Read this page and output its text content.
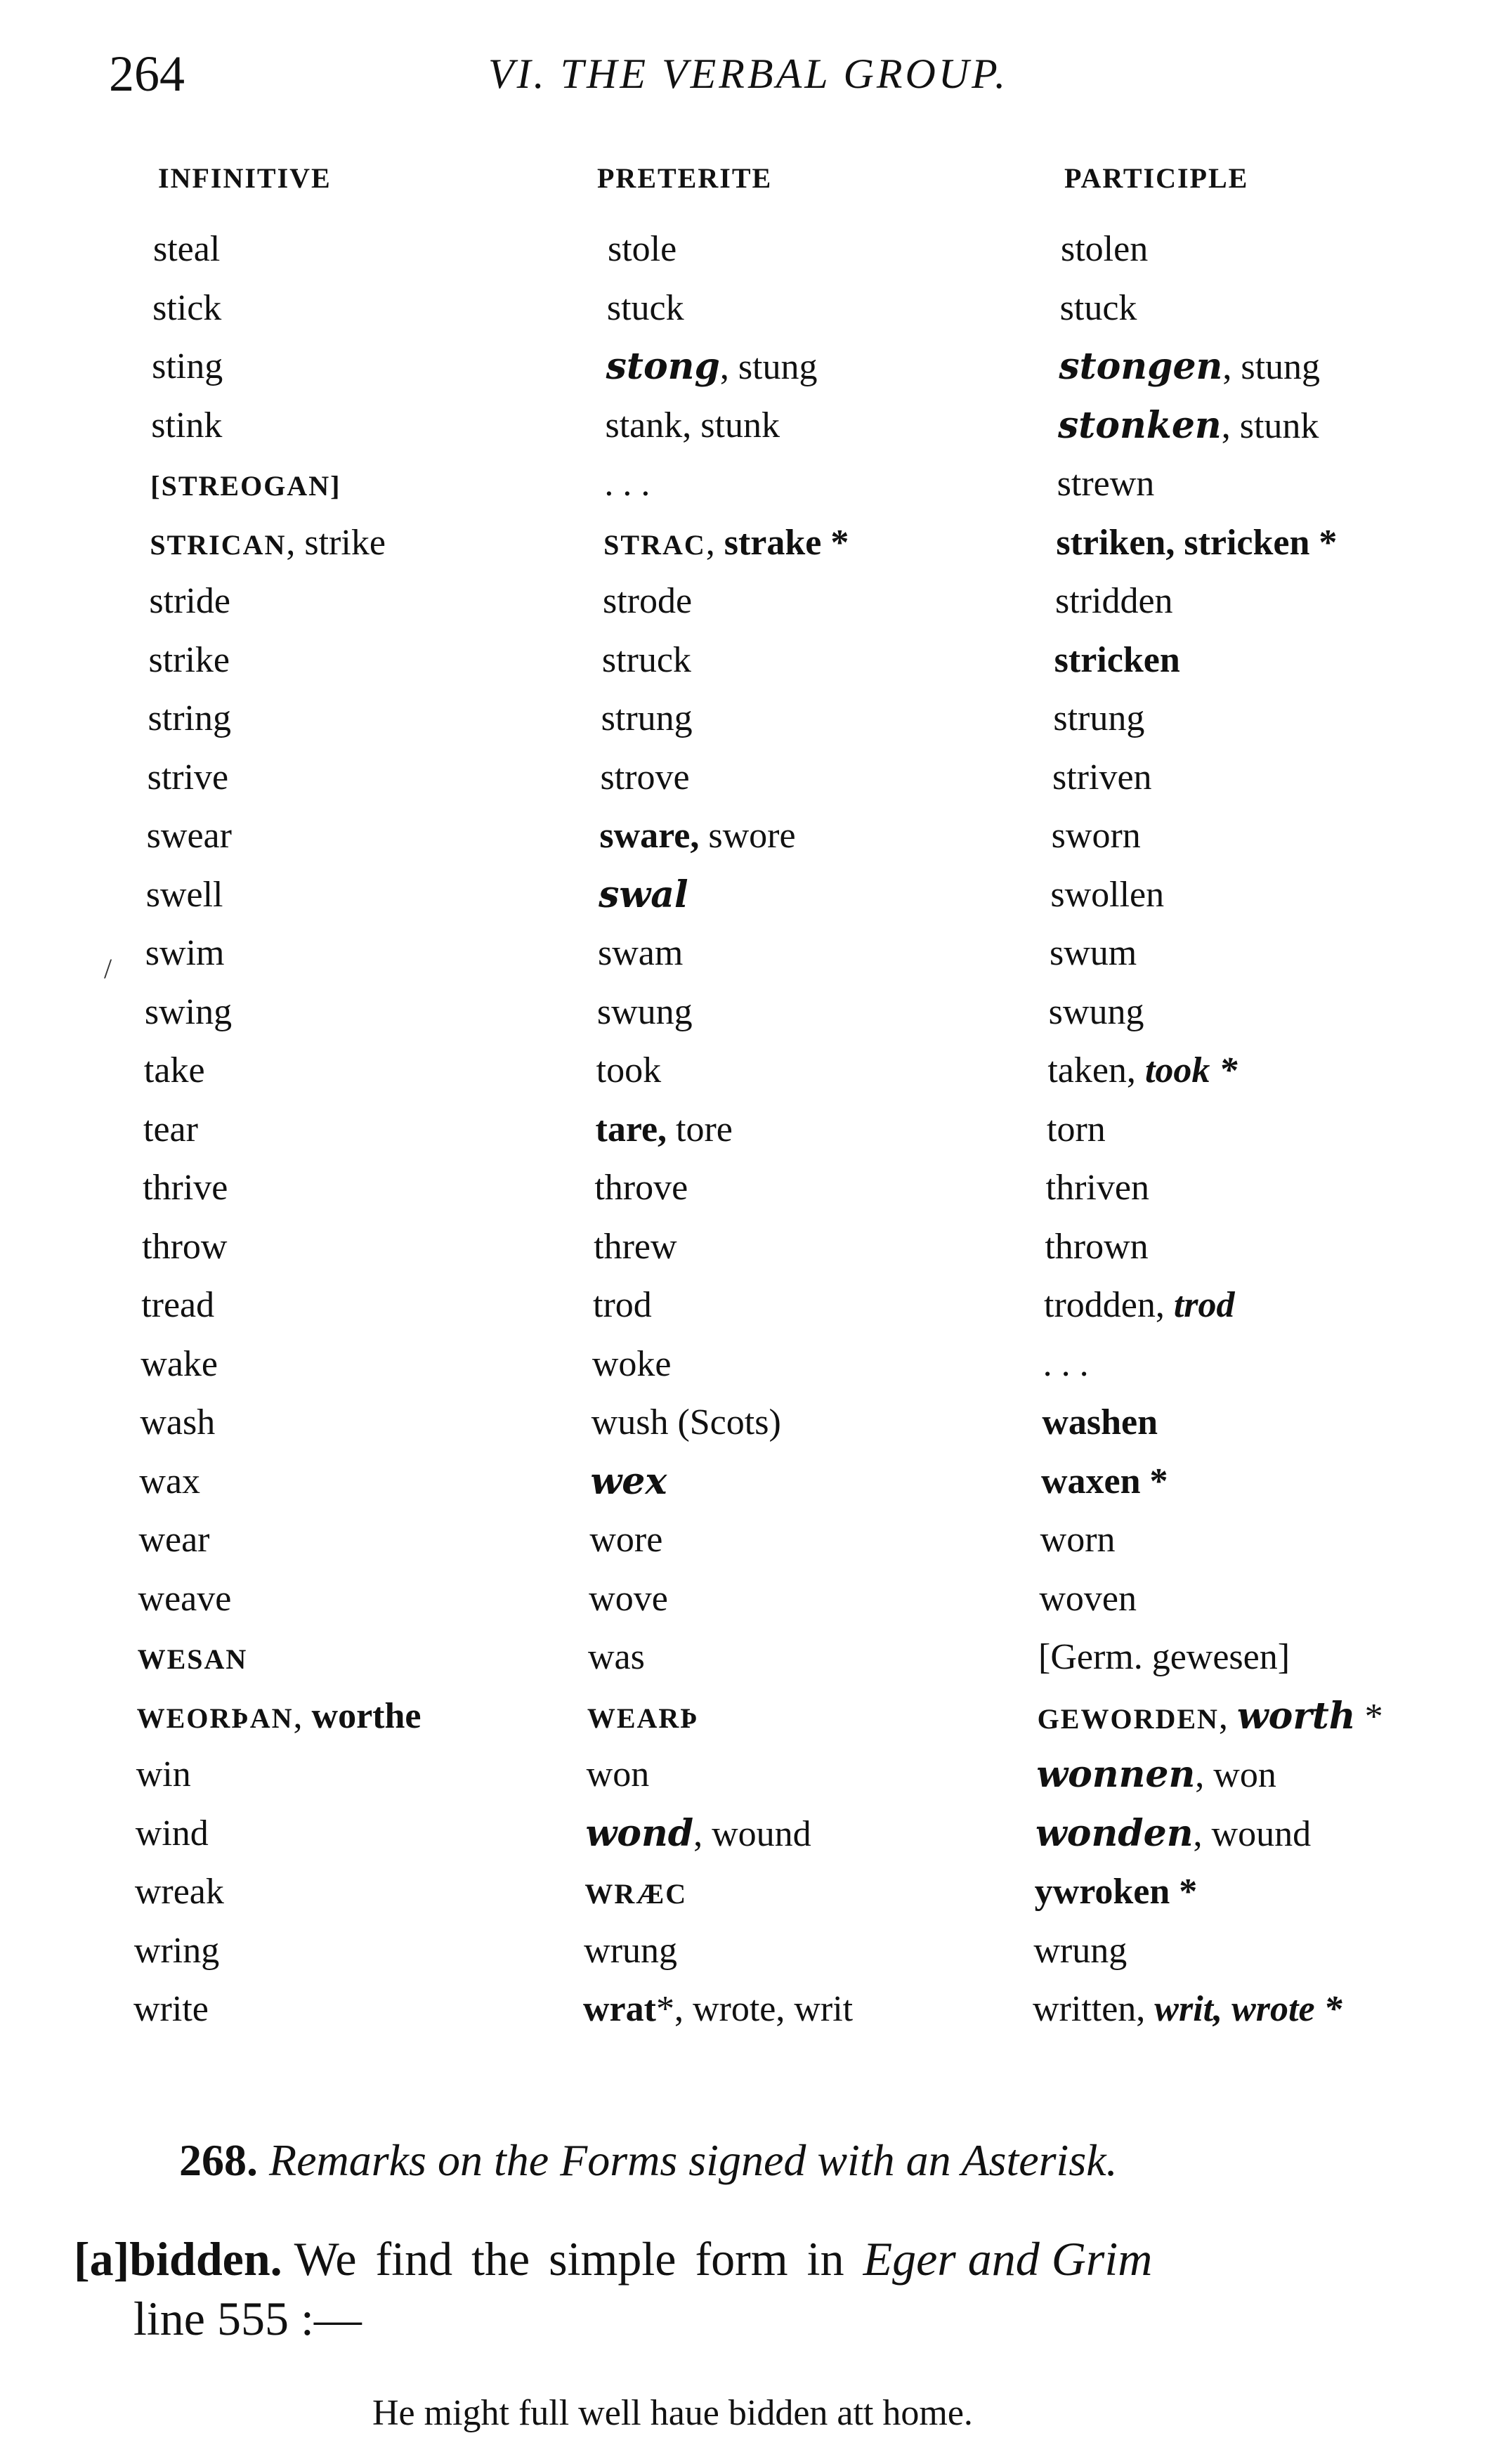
264	VI. THE VERBAL GROUP.
INFINITIVE	PRETERITE	PARTICIPLE
steal	stole	stolen
stick	stuck	stuck
sting	stong, stung	stongen, stung
stink	stank, stunk	stonken, stunk
[STREOGAN]	. . .	strewn
STRICAN, strike	STRAC, strake *	striken, stricken *
stride	strode	stridden
strike	struck	stricken
string	strung	strung
strive	strove	striven
swear	sware, swore	sworn
swell	swal	swollen
swim	swam	swum
swing	swung	swung
take	took	taken, took *
tear	tare, tore	torn
thrive	throve	thriven
throw	threw	thrown
tread	trod	trodden, trod
wake	woke	. . .
wash	wush (Scots)	washen
wax	wex	waxen *
wear	wore	worn
weave	wove	woven
WESAN	was	[Germ. gewesen]
WEORÞAN, worthe	WEARÞ	GEWORDEN, worth *
win	won	wonnen, won
wind	wond, wound	wonden, wound
wreak	WRÆC	ywroken *
wring	wrung	wrung
write	wrat*, wrote, writ	written, writ, wrote *
/
268. Remarks on the Forms signed with an Asterisk.
[a]bidden. We find the simple form in Eger and Grim
line 555 :—
He might full well haue bidden att home.
